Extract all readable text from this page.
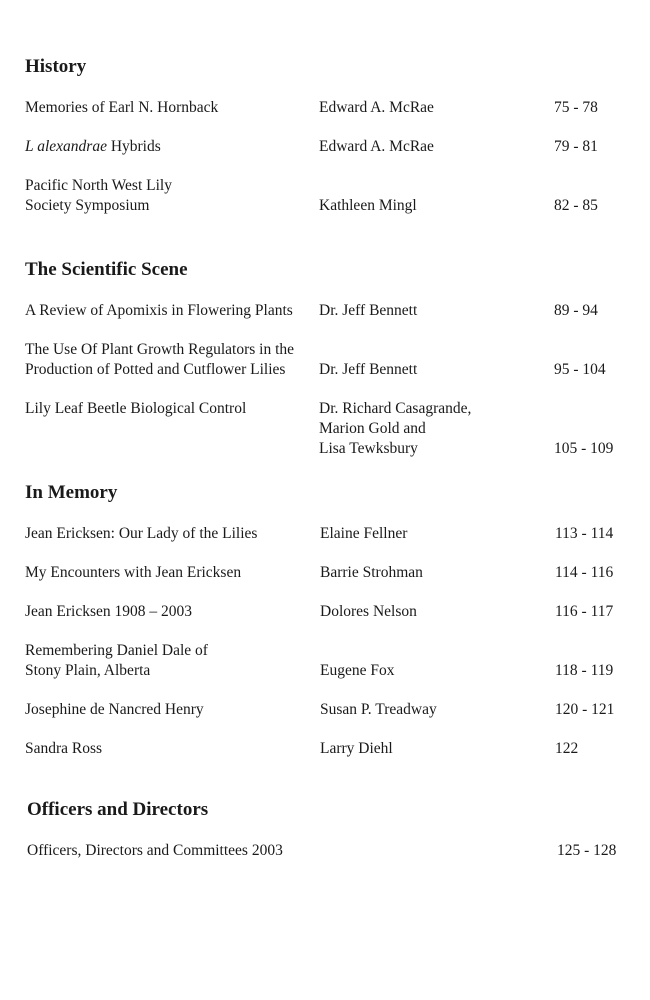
History
Memories of Earl N. Hornback	Edward A. McRae	75 - 78
L alexandrae Hybrids	Edward A. McRae	79 - 81
Pacific North West Lily
Society Symposium	Kathleen Mingl	82 - 85
The Scientific Scene
A Review of Apomixis in Flowering Plants	Dr. Jeff Bennett	89 - 94
The Use Of Plant Growth Regulators in the
Production of Potted and Cutflower Lilies	Dr. Jeff Bennett	95 - 104
Lily Leaf Beetle Biological Control	Dr. Richard Casagrande,
Marion Gold and
Lisa Tewksbury	105 - 109
In Memory
Jean Ericksen: Our Lady of the Lilies	Elaine Fellner	113 - 114
My Encounters with Jean Ericksen	Barrie Strohman	114 - 116
Jean Ericksen 1908 – 2003	Dolores Nelson	116 - 117
Remembering Daniel Dale of
Stony Plain, Alberta	Eugene Fox	118 - 119
Josephine de Nancred Henry	Susan P. Treadway	120 - 121
Sandra Ross	Larry Diehl	122
Officers and Directors
Officers, Directors and Committees 2003	125 - 128
